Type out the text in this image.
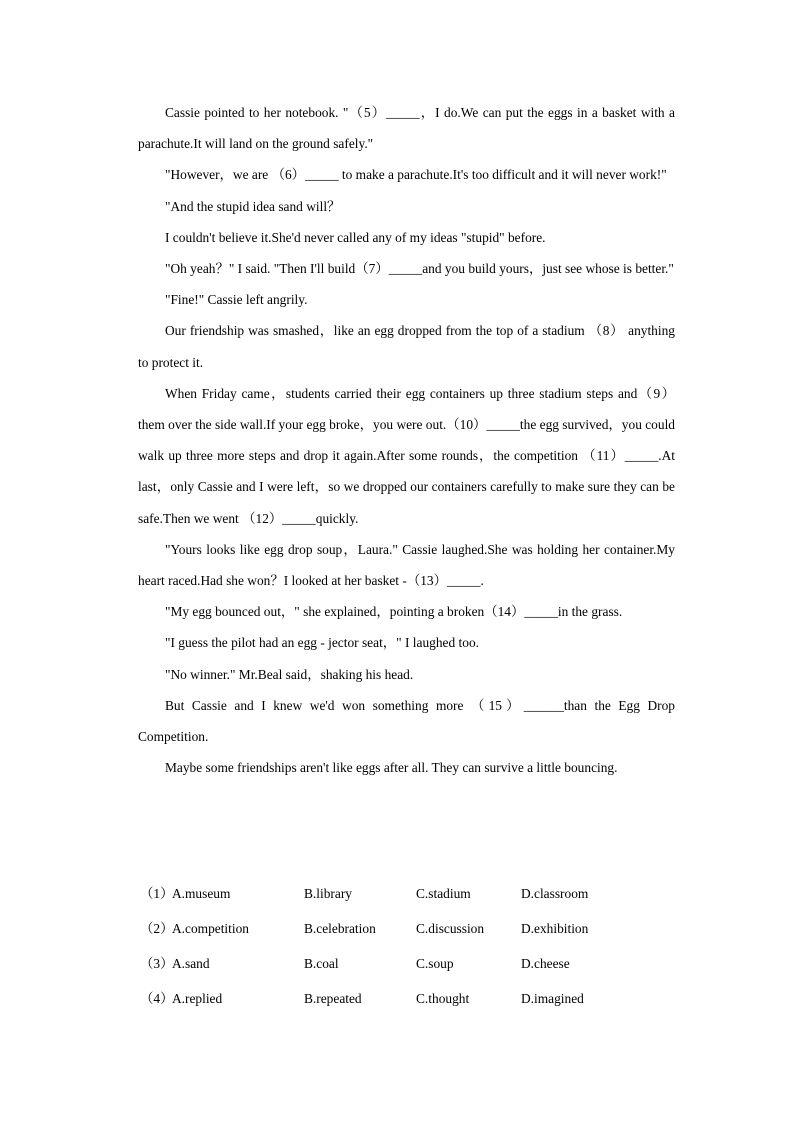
Cassie pointed to her notebook. "（5）_____，I do.We can put the eggs in a basket with a parachute.It will land on the ground safely."

"However，we are （6）_____ to make a parachute.It's too difficult and it will never work!"

"And the stupid idea sand will？

I couldn't believe it.She'd never called any of my ideas "stupid" before.

"Oh yeah？" I said. "Then I'll build（7）_____and you build yours，just see whose is better."

"Fine!" Cassie left angrily.

Our friendship was smashed，like an egg dropped from the top of a stadium （8） anything to protect it.

When Friday came，students carried their egg containers up three stadium steps and（9） them over the side wall.If your egg broke，you were out.（10）_____the egg survived，you could walk up three more steps and drop it again.After some rounds，the competition （11）_____.At last，only Cassie and I were left，so we dropped our containers carefully to make sure they can be safe.Then we went （12）_____quickly.

"Yours looks like egg drop soup，Laura." Cassie laughed.She was holding her container.My heart raced.Had she won？I looked at her basket -（13）_____.

"My egg bounced out，" she explained，pointing a broken（14）_____in the grass.

"I guess the pilot had an egg - jector seat，" I laughed too.

"No winner." Mr.Beal said，shaking his head.

But Cassie and I knew we'd won something more （15）______than the Egg Drop Competition.

Maybe some friendships aren't like eggs after all. They can survive a little bouncing.

（1）
A.museum	B.library	C.stadium	D.classroom
（2）
A.competition	B.celebration	C.discussion	D.exhibition
（3）
A.sand	B.coal	C.soup	D.cheese
（4）
A.replied	B.repeated	C.thought	D.imagined
